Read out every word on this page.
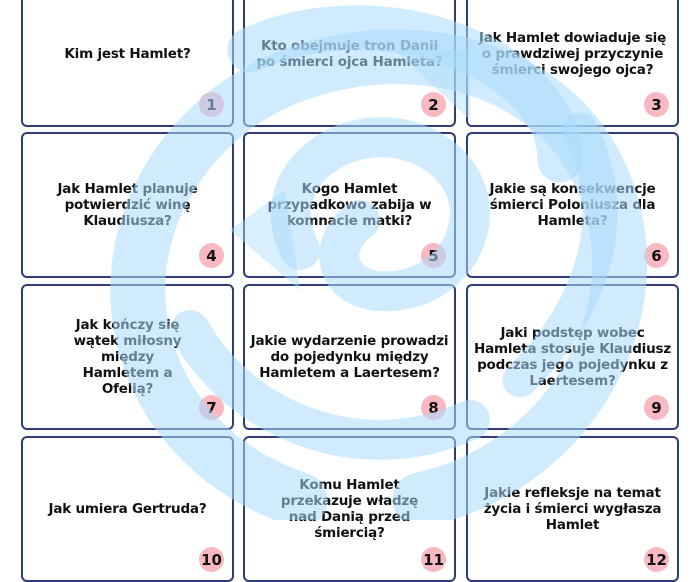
Kim jest Hamlet?
1
Kto obejmuje tron Danii po śmierci ojca Hamleta?
2
Jak Hamlet dowiaduje się o prawdziwej przyczynie śmierci swojego ojca?
3
Jak Hamlet planuje potwierdzić winę Klaudiusza?
4
Kogo Hamlet przypadkowo zabija w komnacie matki?
5
Jakie są konsekwencje śmierci Poloniusza dla Hamleta?
6
Jak kończy się wątek miłosny między Hamletem a Ofelią?
7
Jakie wydarzenie prowadzi do pojedynku między Hamletem a Laertesem?
8
Jaki podstęp wobec Hamleta stosuje Klaudiusz podczas jego pojedynku z Laertesem?
9
Jak umiera Gertruda?
10
Komu Hamlet przekazuje władzę nad Danią przed śmiercią?
11
Jakie refleksje na temat życia i śmierci wygłasza Hamlet
12
